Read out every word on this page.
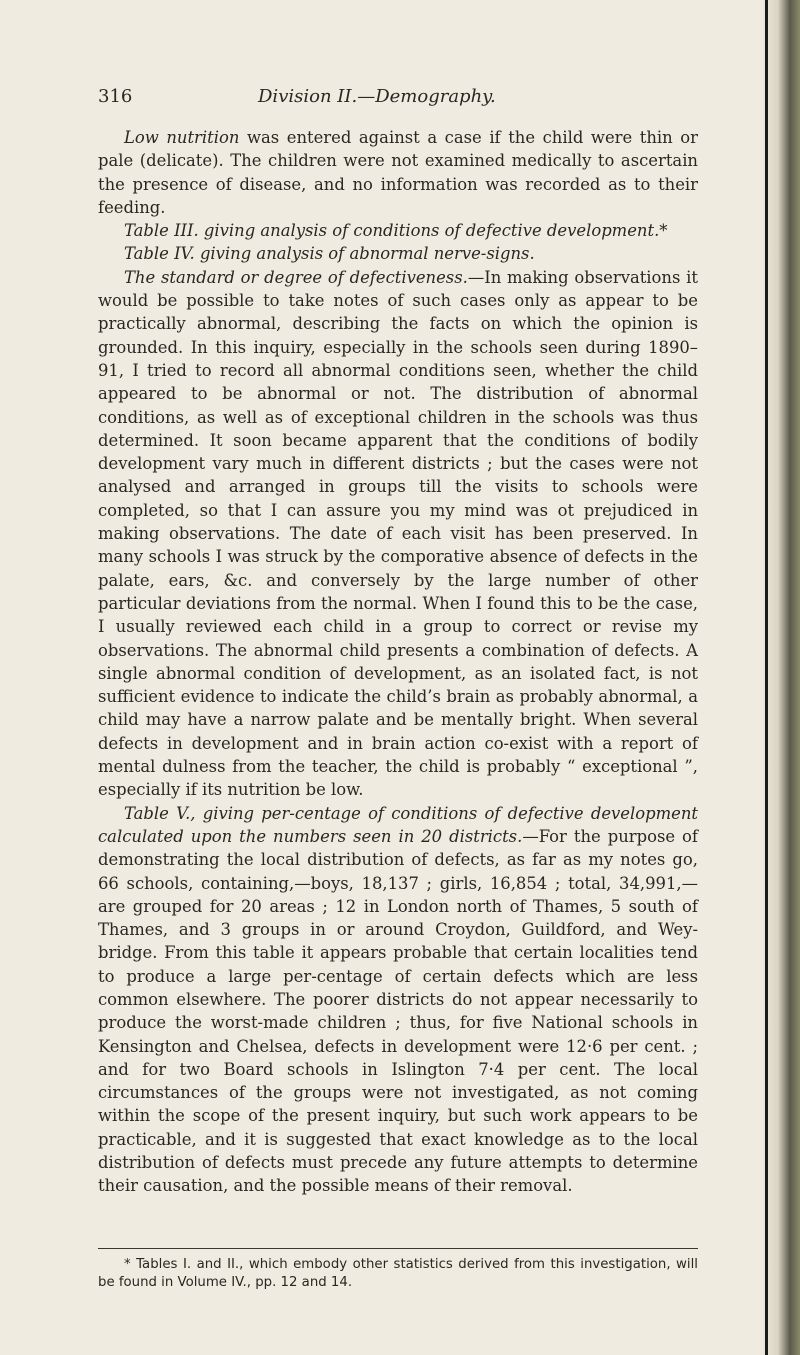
316	Division II.—Demography.

Low nutrition was entered against a case if the child were thin or pale (delicate). The children were not examined medically to ascertain the presence of disease, and no information was recorded as to their feeding.

Table III. giving analysis of conditions of defective development.*

Table IV. giving analysis of abnormal nerve-signs.

The standard or degree of defectiveness.—In making observations it would be possible to take notes of such cases only as appear to be practically abnormal, describing the facts on which the opinion is grounded. In this inquiry, especially in the schools seen during 1890–91, I tried to record all abnormal conditions seen, whether the child appeared to be abnormal or not. The distribution of abnormal conditions, as well as of exceptional children in the schools was thus determined. It soon became apparent that the conditions of bodily development vary much in different districts ; but the cases were not analysed and arranged in groups till the visits to schools were completed, so that I can assure you my mind was ot prejudiced in making observations. The date of each visit has been preserved. In many schools I was struck by the comporative absence of defects in the palate, ears, &c. and conversely by the large number of other particular deviations from the normal. When I found this to be the case, I usually reviewed each child in a group to correct or revise my observations. The abnormal child presents a combination of defects. A single abnormal condition of development, as an isolated fact, is not sufficient evidence to indicate the child’s brain as probably abnormal, a child may have a narrow palate and be mentally bright. When several defects in development and in brain action co-exist with a report of mental dulness from the teacher, the child is probably “ exceptional ”, especially if its nutrition be low.

Table V., giving per-centage of conditions of defective development calculated upon the numbers seen in 20 districts.—For the purpose of demonstrating the local distribution of defects, as far as my notes go, 66 schools, containing,—boys, 18,137 ; girls, 16,854 ; total, 34,991,— are grouped for 20 areas ; 12 in London north of Thames, 5 south of Thames, and 3 groups in or around Croydon, Guildford, and Wey-bridge. From this table it appears probable that certain localities tend to produce a large per-centage of certain defects which are less common elsewhere. The poorer districts do not appear necessarily to produce the worst-made children ; thus, for five National schools in Kensington and Chelsea, defects in development were 12·6 per cent. ; and for two Board schools in Islington 7·4 per cent. The local circumstances of the groups were not investigated, as not coming within the scope of the present inquiry, but such work appears to be practicable, and it is suggested that exact knowledge as to the local distribution of defects must precede any future attempts to determine their causation, and the possible means of their removal.

* Tables I. and II., which embody other statistics derived from this investigation, will be found in Volume IV., pp. 12 and 14.
